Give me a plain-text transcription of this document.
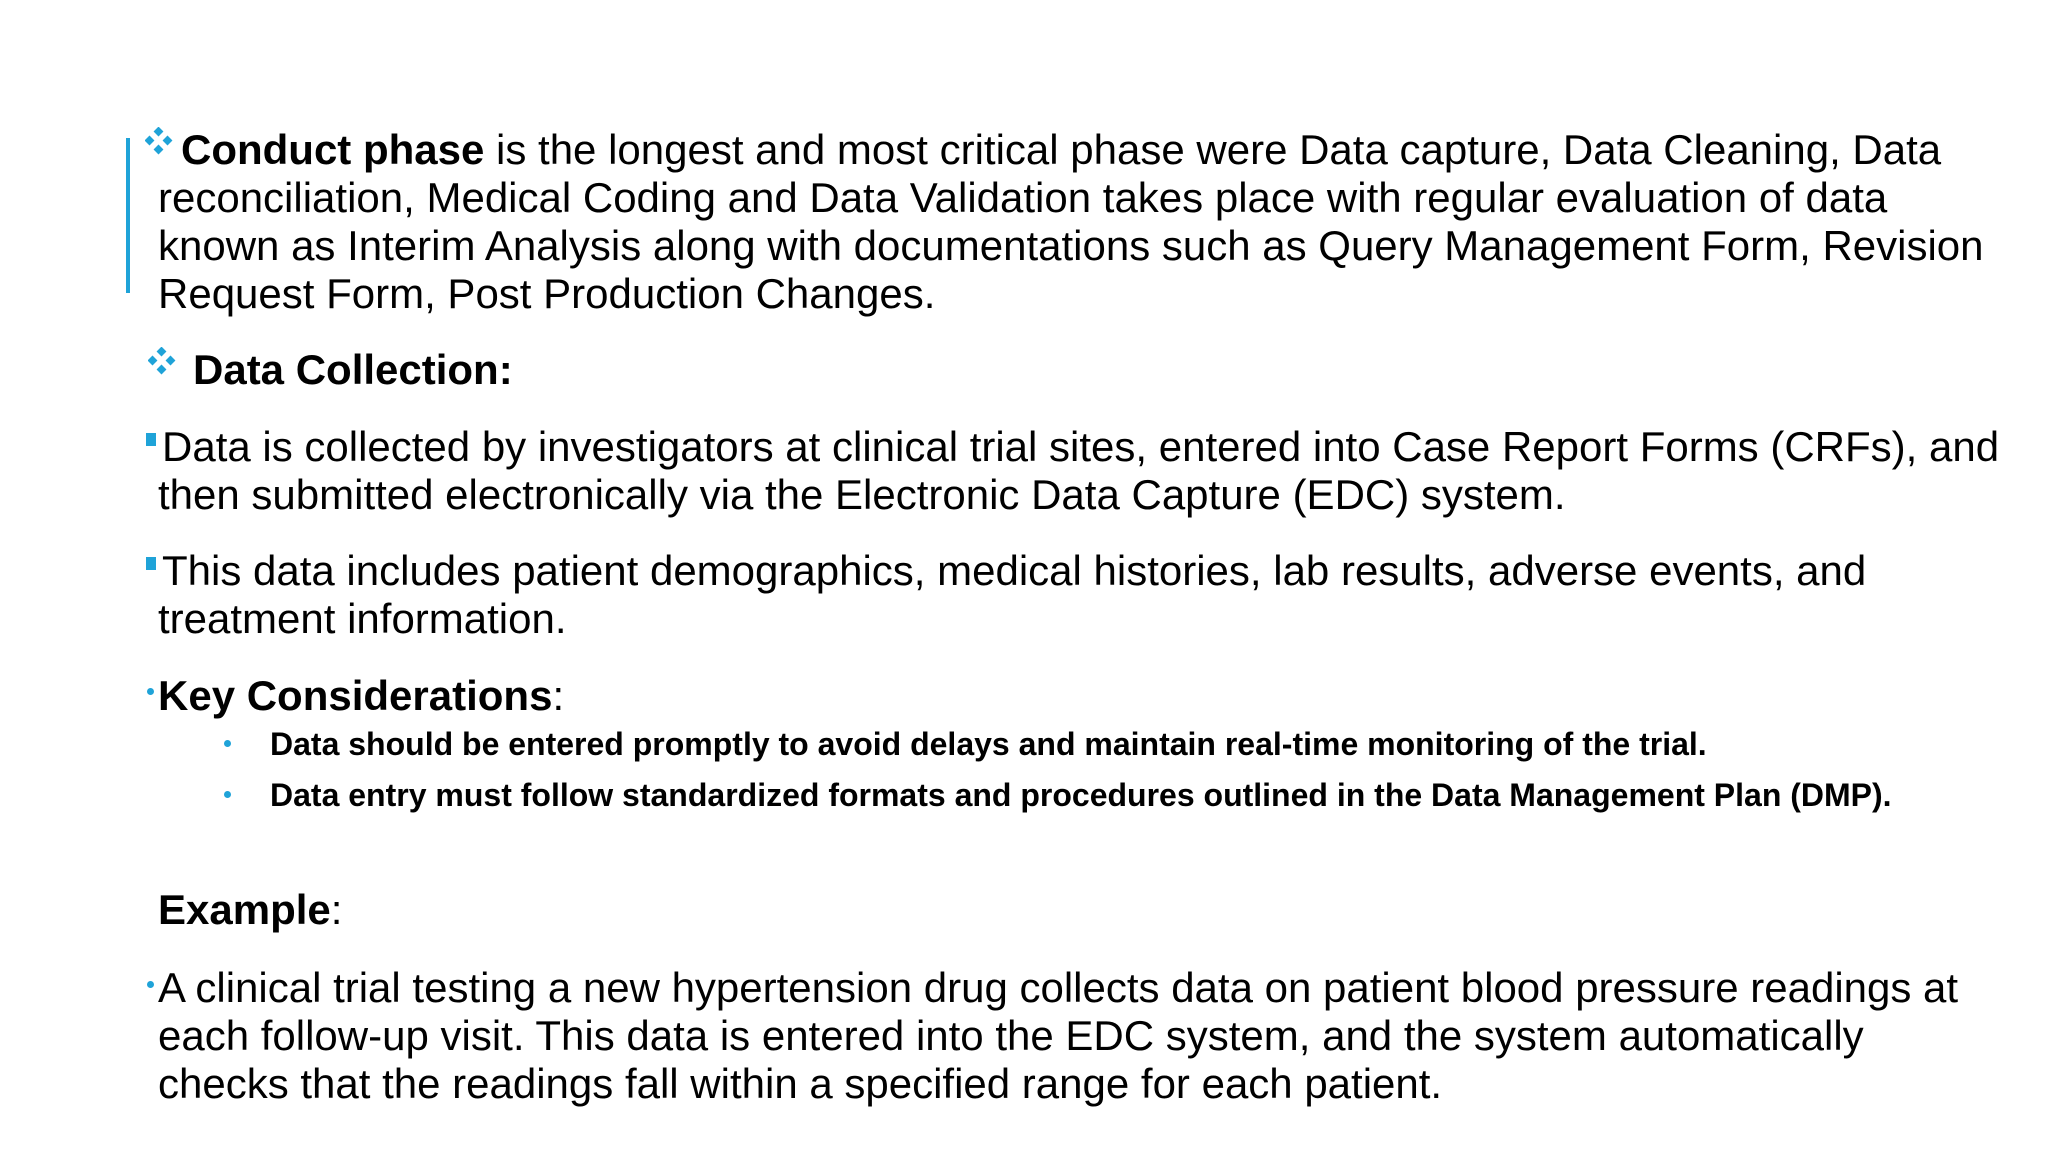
Conduct phase is the longest and most critical phase were Data capture, Data Cleaning, Data reconciliation, Medical Coding and Data Validation takes place with regular evaluation of data known as Interim Analysis along with documentations such as Query Management Form, Revision Request Form, Post Production Changes.
Data Collection:
Data is collected by investigators at clinical trial sites, entered into Case Report Forms (CRFs), and then submitted electronically via the Electronic Data Capture (EDC) system.
This data includes patient demographics, medical histories, lab results, adverse events, and treatment information.
Key Considerations:
Data should be entered promptly to avoid delays and maintain real-time monitoring of the trial.
Data entry must follow standardized formats and procedures outlined in the Data Management Plan (DMP).
Example:
A clinical trial testing a new hypertension drug collects data on patient blood pressure readings at each follow-up visit. This data is entered into the EDC system, and the system automatically checks that the readings fall within a specified range for each patient.
